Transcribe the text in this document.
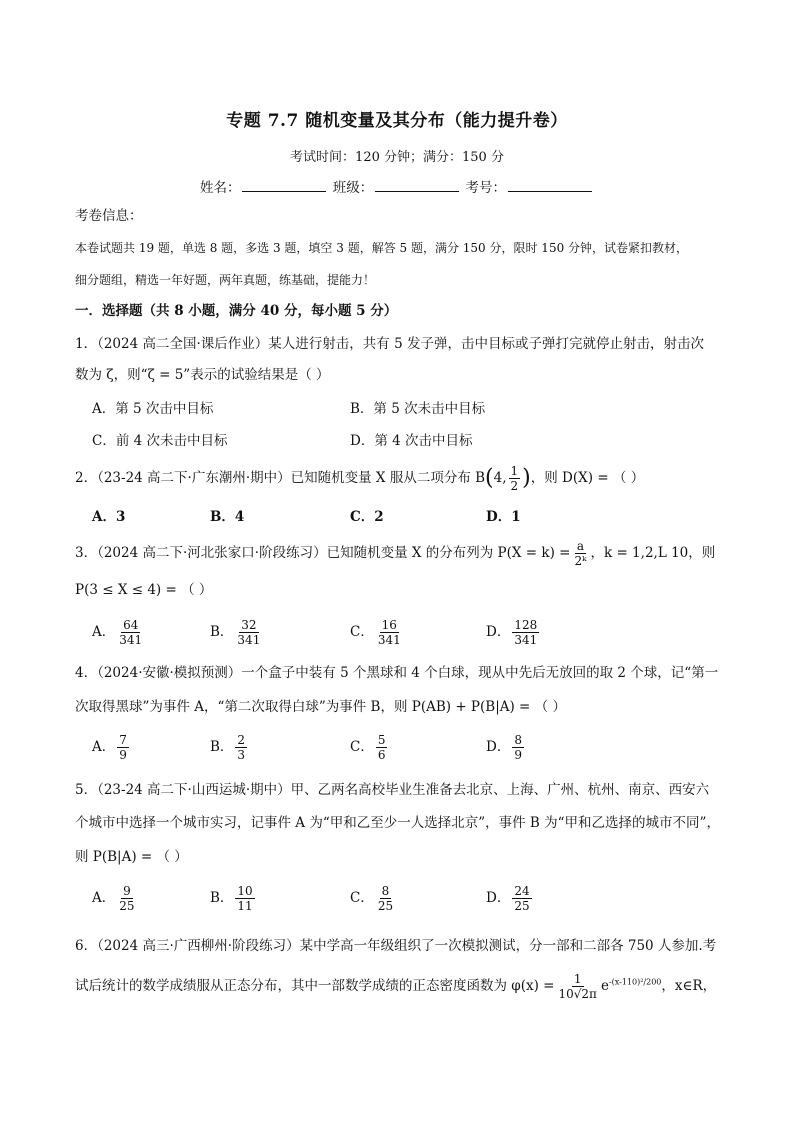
专题 7.7 随机变量及其分布（能力提升卷）
考试时间：120 分钟；满分：150 分
姓名：	班级：	考号：
考卷信息：
本卷试题共 19 题，单选 8 题，多选 3 题，填空 3 题，解答 5 题，满分 150 分，限时 150 分钟，试卷紧扣教材，
细分题组，精选一年好题，两年真题，练基础，提能力！
一．选择题（共 8 小题，满分 40 分，每小题 5 分）
1．（2024 高二全国·课后作业）某人进行射击，共有 5 发子弹，击中目标或子弹打完就停止射击，射击次
数为 ζ，则“ζ = 5”表示的试验结果是（ ）
A．第 5 次击中目标	B．第 5 次未击中目标
C．前 4 次未击中目标	D．第 4 次击中目标
2．（23-24 高二下·广东潮州·期中）已知随机变量 X 服从二项分布 B(4, $\frac{1}{2}$ )，则 D(X) = （ ）
A．3	B．4	C．2	D．1
3．（2024 高二下·河北张家口·阶段练习）已知随机变量 X 的分布列为 $P(X = k) = \frac{a}{\text{2ᵏ}}$ ，k = 1,2,L 10，则
P(3 ≤ X ≤ 4) = （ ）
A． $\frac{64}{341}$	B． $\frac{32}{341}$	C． $\frac{16}{341}$	D． $\frac{128}{341}$
4．（2024·安徽·模拟预测）一个盒子中装有 5 个黑球和 4 个白球，现从中先后无放回的取 2 个球，记“第一
次取得黑球”为事件 A，“第二次取得白球”为事件 B，则 P(AB) + P(B|A) = （ ）
A． $\frac{7}{9}$	B． $\frac{2}{3}$	C． $\frac{5}{6}$	D． $\frac{8}{9}$
5．（23-24 高二下·山西运城·期中）甲、乙两名高校毕业生准备去北京、上海、广州、杭州、南京、西安六
个城市中选择一个城市实习，记事件 A 为“甲和乙至少一人选择北京”，事件 B 为“甲和乙选择的城市不同”，
则 P(B|A) = （ ）
A． $\frac{9}{25}$	B． $\frac{10}{11}$	C． $\frac{8}{25}$	D． $\frac{24}{25}$
6．（2024 高三·广西柳州·阶段练习）某中学高一年级组织了一次模拟测试，分一部和二部各 750 人参加.考
试后统计的数学成绩服从正态分布，其中一部数学成绩的正态密度函数为 $\varphi(x) = \frac{1}{10√2\pi} e^{-(x-110)^2/200}$，x∈R，
